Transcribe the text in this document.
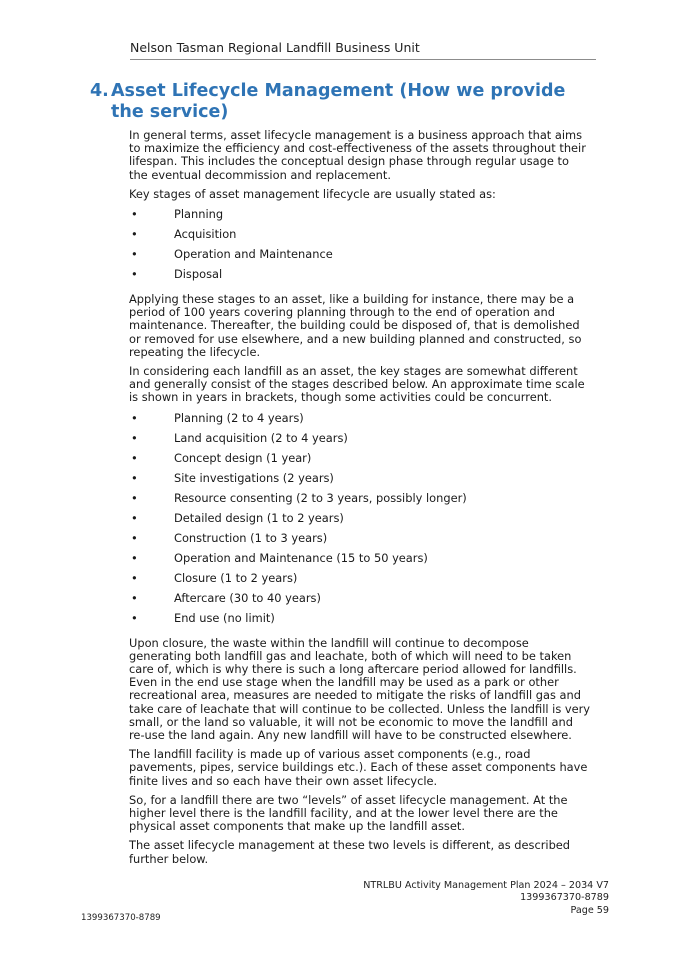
Nelson Tasman Regional Landfill Business Unit
4. Asset Lifecycle Management (How we provide the service)

In general terms, asset lifecycle management is a business approach that aims to maximize the efficiency and cost-effectiveness of the assets throughout their lifespan. This includes the conceptual design phase through regular usage to the eventual decommission and replacement.

Key stages of asset management lifecycle are usually stated as:

•	Planning
•	Acquisition
•	Operation and Maintenance
•	Disposal

Applying these stages to an asset, like a building for instance, there may be a period of 100 years covering planning through to the end of operation and maintenance. Thereafter, the building could be disposed of, that is demolished or removed for use elsewhere, and a new building planned and constructed, so repeating the lifecycle.

In considering each landfill as an asset, the key stages are somewhat different and generally consist of the stages described below. An approximate time scale is shown in years in brackets, though some activities could be concurrent.

•	Planning (2 to 4 years)
•	Land acquisition (2 to 4 years)
•	Concept design (1 year)
•	Site investigations (2 years)
•	Resource consenting (2 to 3 years, possibly longer)
•	Detailed design (1 to 2 years)
•	Construction (1 to 3 years)
•	Operation and Maintenance (15 to 50 years)
•	Closure (1 to 2 years)
•	Aftercare (30 to 40 years)
•	End use (no limit)

Upon closure, the waste within the landfill will continue to decompose generating both landfill gas and leachate, both of which will need to be taken care of, which is why there is such a long aftercare period allowed for landfills. Even in the end use stage when the landfill may be used as a park or other recreational area, measures are needed to mitigate the risks of landfill gas and take care of leachate that will continue to be collected. Unless the landfill is very small, or the land so valuable, it will not be economic to move the landfill and re-use the land again. Any new landfill will have to be constructed elsewhere.

The landfill facility is made up of various asset components (e.g., road pavements, pipes, service buildings etc.). Each of these asset components have finite lives and so each have their own asset lifecycle.

So, for a landfill there are two “levels” of asset lifecycle management. At the higher level there is the landfill facility, and at the lower level there are the physical asset components that make up the landfill asset.

The asset lifecycle management at these two levels is different, as described further below.

NTRLBU Activity Management Plan 2024 – 2034 V7
1399367370-8789
Page 59
1399367370-8789
